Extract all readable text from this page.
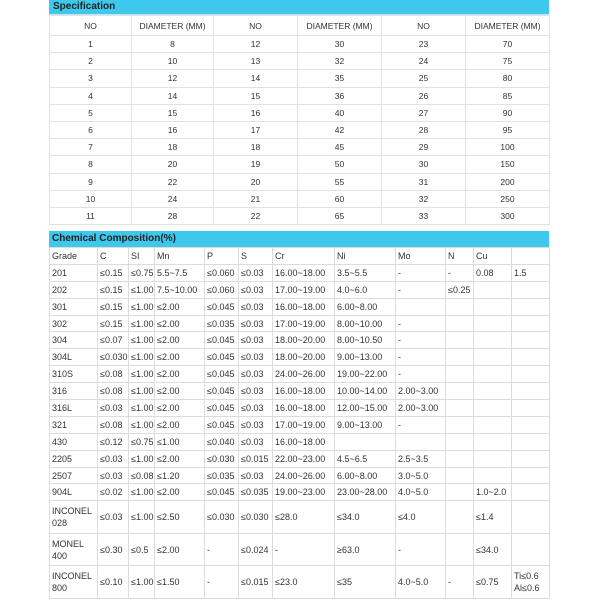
Specification
NO	DIAMETER (MM)	NO	DIAMETER (MM)	NO	DIAMETER (MM)
1	8	12	30	23	70
2	10	13	32	24	75
3	12	14	35	25	80
4	14	15	36	26	85
5	15	16	40	27	90
6	16	17	42	28	95
7	18	18	45	29	100
8	20	19	50	30	150
9	22	20	55	31	200
10	24	21	60	32	250
11	28	22	65	33	300
Chemical Composition(%)
Grade	C	SI	Mn	P	S	Cr	Ni	Mo	N	Cu	
201	≤0.15	≤0.75	5.5~7.5	≤0.060	≤0.03	16.00~18.00	3.5~5.5	-	-	0.08	1.5
202	≤0.15	≤1.00	7.5~10.00	≤0.060	≤0.03	17.00~19.00	4.0~6.0	-	≤0.25		
301	≤0.15	≤1.00	≤2.00	≤0.045	≤0.03	16.00~18.00	6.00~8.00				
302	≤0.15	≤1.00	≤2.00	≤0.035	≤0.03	17.00~19.00	8.00~10.00	-			
304	≤0.07	≤1.00	≤2.00	≤0.045	≤0.03	18.00~20.00	8.00~10.50	-			
304L	≤0.030	≤1.00	≤2.00	≤0.045	≤0.03	18.00~20.00	9.00~13.00	-			
310S	≤0.08	≤1.00	≤2.00	≤0.045	≤0.03	24.00~26.00	19.00~22.00	-			
316	≤0.08	≤1.00	≤2.00	≤0.045	≤0.03	16.00~18.00	10.00~14.00	2.00~3.00			
316L	≤0.03	≤1.00	≤2.00	≤0.045	≤0.03	16.00~18.00	12.00~15.00	2.00~3.00			
321	≤0.08	≤1.00	≤2.00	≤0.045	≤0.03	17.00~19.00	9.00~13.00	-			
430	≤0.12	≤0.75	≤1.00	≤0.040	≤0.03	16.00~18.00					
2205	≤0.03	≤1.00	≤2.00	≤0.030	≤0.015	22.00~23.00	4.5~6.5	2.5~3.5			
2507	≤0.03	≤0.08	≤1.20	≤0.035	≤0.03	24.00~26.00	6.00~8.00	3.0~5.0			
904L	≤0.02	≤1.00	≤2.00	≤0.045	≤0.035	19.00~23.00	23.00~28.00	4.0~5.0		1.0~2.0	
INCONEL 028	≤0.03	≤1.00	≤2.50	≤0.030	≤0.030	≤28.0	≤34.0	≤4.0		≤1.4	
MONEL 400	≤0.30	≤0.5	≤2.00	-	≤0.024	-	≥63.0	-		≤34.0	
INCONEL 800	≤0.10	≤1.00	≤1.50	-	≤0.015	≤23.0	≤35	4.0~5.0	-	≤0.75	Ti≤0.6 Al≤0.6
